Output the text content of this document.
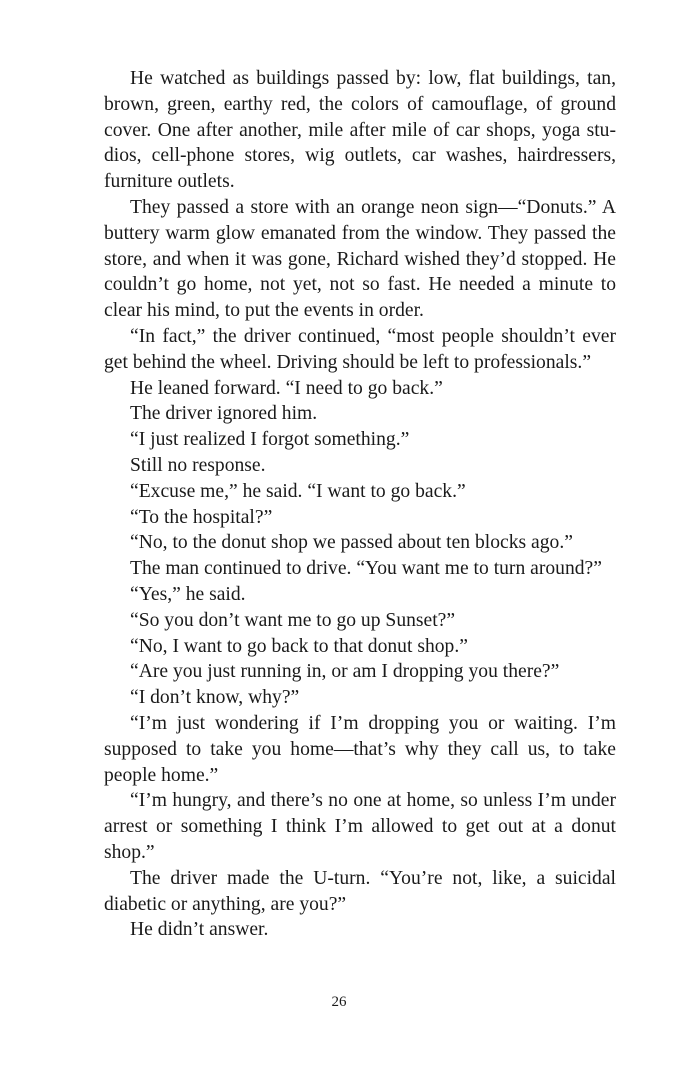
He watched as buildings passed by: low, flat buildings, tan, brown, green, earthy red, the colors of camouflage, of ground cover. One after another, mile after mile of car shops, yoga studios, cell-phone stores, wig outlets, car washes, hairdressers, furniture outlets.

They passed a store with an orange neon sign—“Donuts.” A buttery warm glow emanated from the window. They passed the store, and when it was gone, Richard wished they’d stopped. He couldn’t go home, not yet, not so fast. He needed a minute to clear his mind, to put the events in order.

“In fact,” the driver continued, “most people shouldn’t ever get behind the wheel. Driving should be left to professionals.”

He leaned forward. “I need to go back.”

The driver ignored him.

“I just realized I forgot something.”

Still no response.

“Excuse me,” he said. “I want to go back.”

“To the hospital?”

“No, to the donut shop we passed about ten blocks ago.”

The man continued to drive. “You want me to turn around?”

“Yes,” he said.

“So you don’t want me to go up Sunset?”

“No, I want to go back to that donut shop.”

“Are you just running in, or am I dropping you there?”

“I don’t know, why?”

“I’m just wondering if I’m dropping you or waiting. I’m supposed to take you home—that’s why they call us, to take people home.”

“I’m hungry, and there’s no one at home, so unless I’m under arrest or something I think I’m allowed to get out at a donut shop.”

The driver made the U-turn. “You’re not, like, a suicidal diabetic or anything, are you?”

He didn’t answer.

26
